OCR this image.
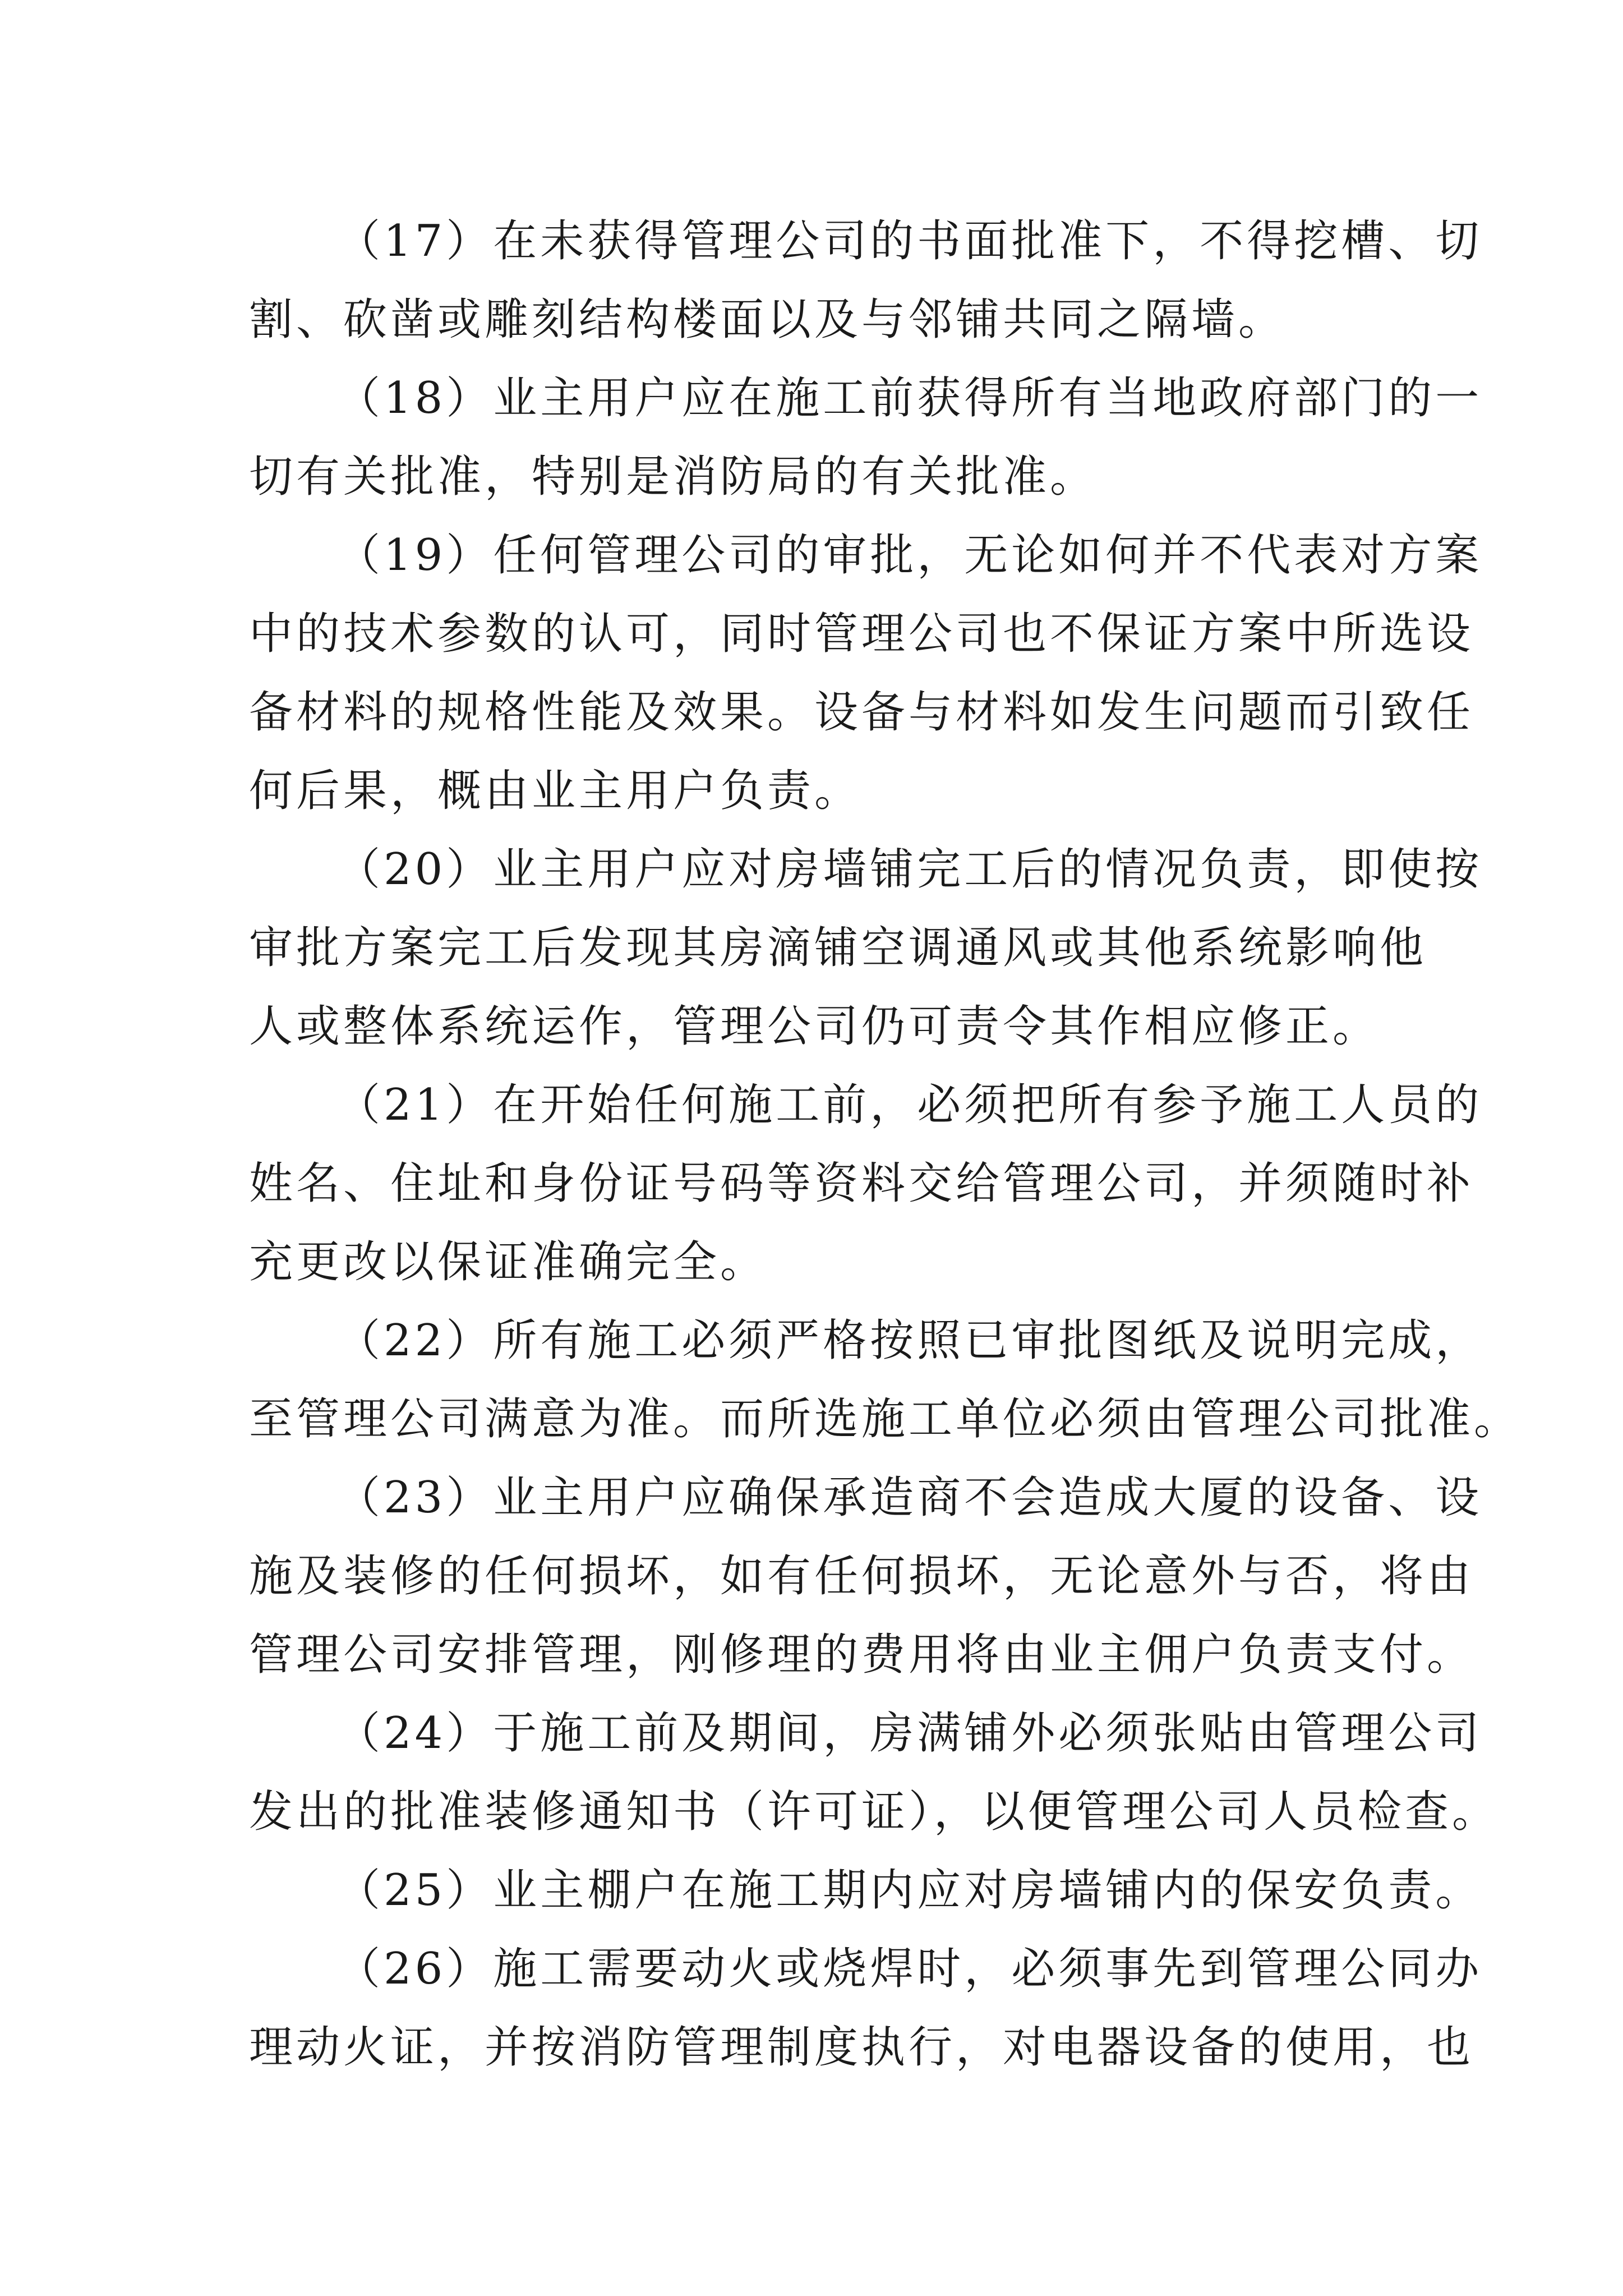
（17）在未获得管理公司的书面批准下，不得挖槽、切
割、砍凿或雕刻结构楼面以及与邻铺共同之隔墙。
（18）业主用户应在施工前获得所有当地政府部门的一
切有关批准，特别是消防局的有关批准。
（19）任何管理公司的审批，无论如何并不代表对方案
中的技术参数的认可，同时管理公司也不保证方案中所选设
备材料的规格性能及效果。设备与材料如发生问题而引致任
何后果，概由业主用户负责。
（20）业主用户应对房墙铺完工后的情况负责，即使按
审批方案完工后发现其房滴铺空调通风或其他系统影响他
人或整体系统运作，管理公司仍可责令其作相应修正。
（21）在开始任何施工前，必须把所有参予施工人员的
姓名、住址和身份证号码等资料交给管理公司，并须随时补
充更改以保证准确完全。
（22）所有施工必须严格按照已审批图纸及说明完成，
至管理公司满意为准。而所选施工单位必须由管理公司批准。
（23）业主用户应确保承造商不会造成大厦的设备、设
施及装修的任何损坏，如有任何损坏，无论意外与否，将由
管理公司安排管理，刚修理的费用将由业主佣户负责支付。
（24）于施工前及期间，房满铺外必须张贴由管理公司
发出的批准装修通知书（许可证），以便管理公司人员检查。
（25）业主棚户在施工期内应对房墙铺内的保安负责。
（26）施工需要动火或烧焊时，必须事先到管理公同办
理动火证，并按消防管理制度执行，对电器设备的使用，也
